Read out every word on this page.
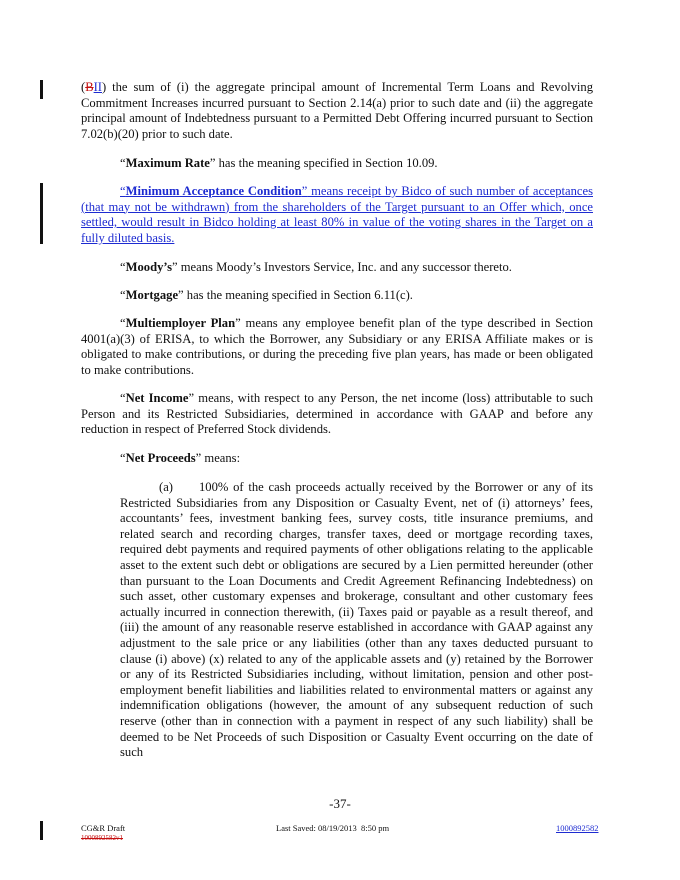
(BII) the sum of (i) the aggregate principal amount of Incremental Term Loans and Revolving Commitment Increases incurred pursuant to Section 2.14(a) prior to such date and (ii) the aggregate principal amount of Indebtedness pursuant to a Permitted Debt Offering incurred pursuant to Section 7.02(b)(20) prior to such date.

“Maximum Rate” has the meaning specified in Section 10.09.

“Minimum Acceptance Condition” means receipt by Bidco of such number of acceptances (that may not be withdrawn) from the shareholders of the Target pursuant to an Offer which, once settled, would result in Bidco holding at least 80% in value of the voting shares in the Target on a fully diluted basis.

“Moody’s” means Moody’s Investors Service, Inc. and any successor thereto.

“Mortgage” has the meaning specified in Section 6.11(c).

“Multiemployer Plan” means any employee benefit plan of the type described in Section 4001(a)(3) of ERISA, to which the Borrower, any Subsidiary or any ERISA Affiliate makes or is obligated to make contributions, or during the preceding five plan years, has made or been obligated to make contributions.

“Net Income” means, with respect to any Person, the net income (loss) attributable to such Person and its Restricted Subsidiaries, determined in accordance with GAAP and before any reduction in respect of Preferred Stock dividends.

“Net Proceeds” means:

(a) 100% of the cash proceeds actually received by the Borrower or any of its Restricted Subsidiaries from any Disposition or Casualty Event, net of (i) attorneys’ fees, accountants’ fees, investment banking fees, survey costs, title insurance premiums, and related search and recording charges, transfer taxes, deed or mortgage recording taxes, required debt payments and required payments of other obligations relating to the applicable asset to the extent such debt or obligations are secured by a Lien permitted hereunder (other than pursuant to the Loan Documents and Credit Agreement Refinancing Indebtedness) on such asset, other customary expenses and brokerage, consultant and other customary fees actually incurred in connection therewith, (ii) Taxes paid or payable as a result thereof, and (iii) the amount of any reasonable reserve established in accordance with GAAP against any adjustment to the sale price or any liabilities (other than any taxes deducted pursuant to clause (i) above) (x) related to any of the applicable assets and (y) retained by the Borrower or any of its Restricted Subsidiaries including, without limitation, pension and other post-employment benefit liabilities and liabilities related to environmental matters or against any indemnification obligations (however, the amount of any subsequent reduction of such reserve (other than in connection with a payment in respect of any such liability) shall be deemed to be Net Proceeds of such Disposition or Casualty Event occurring on the date of such

-37-
CG&R Draft
1000892582v1
Last Saved: 08/19/2013  8:50 pm	1000892582
